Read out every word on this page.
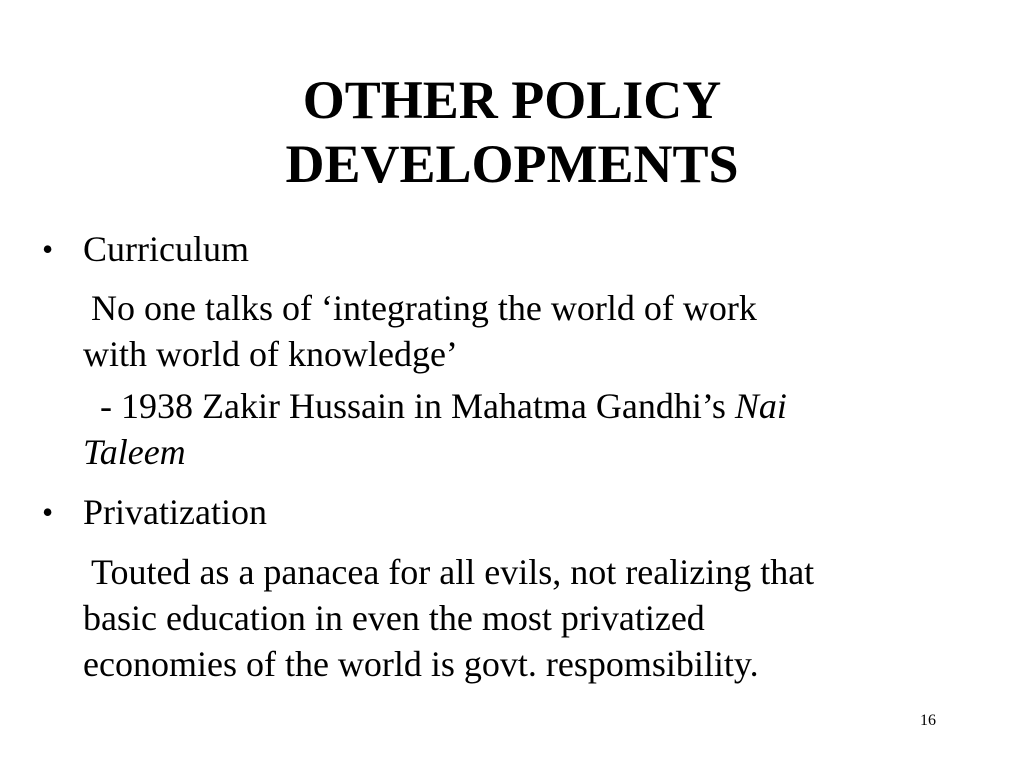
OTHER POLICY
DEVELOPMENTS
• Curriculum
No one talks of ‘integrating the world of work
with world of knowledge’
- 1938 Zakir Hussain in Mahatma Gandhi’s Nai
Taleem
• Privatization
Touted as a panacea for all evils, not realizing that
basic education in even the most privatized
economies of the world is govt. respomsibility.
16
